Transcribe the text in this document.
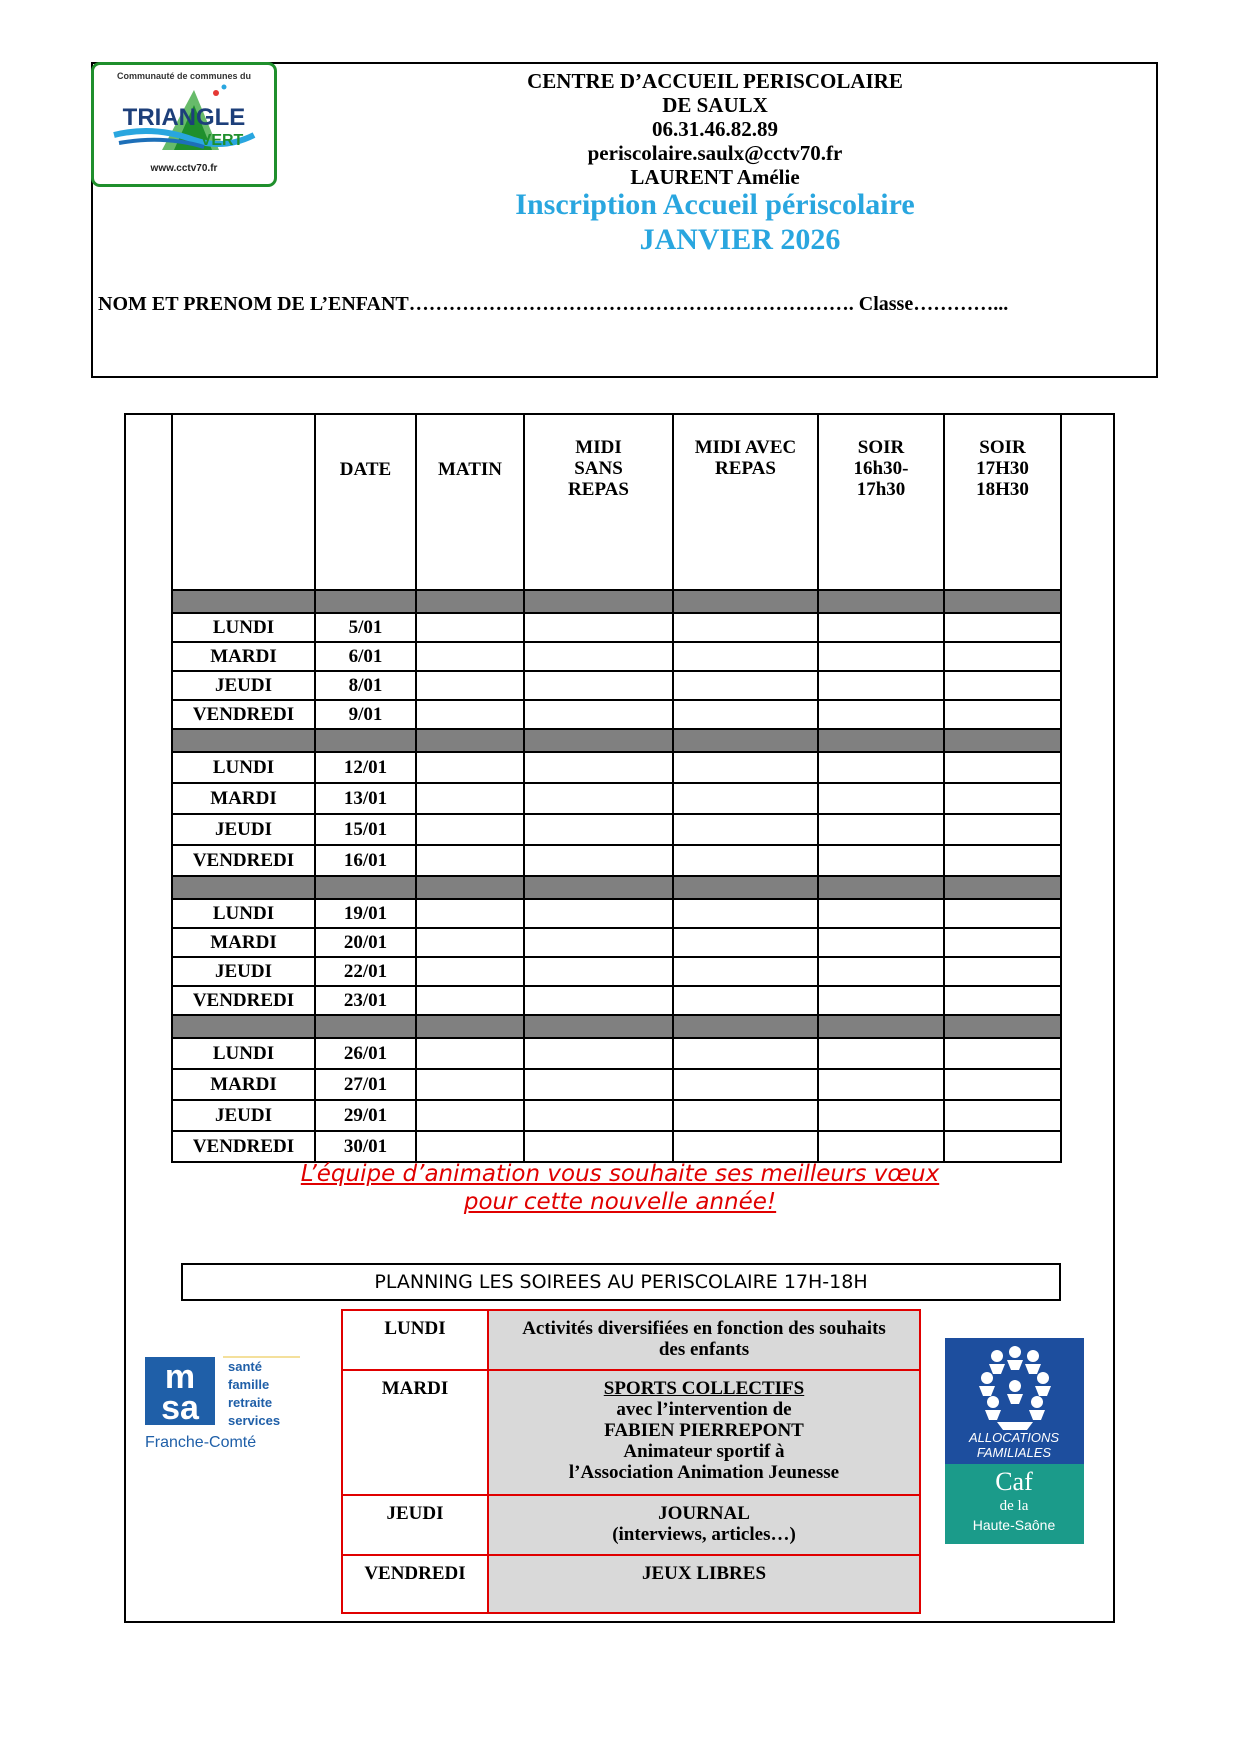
Communauté de communes du
TRIANGLE
VERT
www.cctv70.fr
CENTRE D’ACCUEIL PERISCOLAIRE
DE SAULX
06.31.46.82.89
periscolaire.saulx@cctv70.fr
LAURENT Amélie
Inscription Accueil périscolaire
JANVIER 2026
NOM ET PRENOM DE L’ENFANT…………………………………………………………. Classe…………...
	DATE	MATIN	MIDI SANS REPAS	MIDI AVEC REPAS	SOIR 16h30- 17h30	SOIR 17H30 18H30

LUNDI	5/01					
MARDI	6/01					
JEUDI	8/01					
VENDREDI	9/01					

LUNDI	12/01					
MARDI	13/01					
JEUDI	15/01					
VENDREDI	16/01					

LUNDI	19/01					
MARDI	20/01					
JEUDI	22/01					
VENDREDI	23/01					

LUNDI	26/01					
MARDI	27/01					
JEUDI	29/01					
VENDREDI	30/01					
L’équipe d’animation vous souhaite ses meilleurs vœux
pour cette nouvelle année!
PLANNING LES SOIREES AU PERISCOLAIRE 17H-18H
LUNDI	Activités diversifiées en fonction des souhaits
des enfants

MARDI	SPORTS COLLECTIFS
avec l’intervention de
FABIEN PIERREPONT
Animateur sportif à
l’Association Animation Jeunesse

JEUDI	JOURNAL
(interviews, articles…)

VENDREDI	JEUX LIBRES
m
sa
santé
famille
retraite
services
Franche-Comté	ALLOCATIONS
FAMILIALES
Caf
de la
Haute-Saône
